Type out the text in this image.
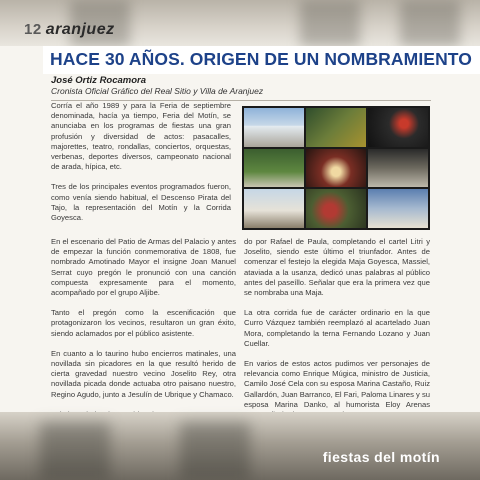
12 aranjuez
HACE 30 AÑOS. ORIGEN DE UN NOMBRAMIENTO
José Ortiz Rocamora
Cronista Oficial Gráfico del Real Sitio y Villa de Aranjuez

Corría el año 1989 y para la Feria de septiembre denominada, hacía ya tiempo, Feria del Motín, se anunciaba en los programas de fiestas una gran profusión y diversidad de actos: pasacalles, majorettes, teatro, rondallas, conciertos, orquestas, verbenas, deportes diversos, campeonato nacional de arada, hípica, etc.

Tres de los principales eventos programados fueron, como venía siendo habitual, el Descenso Pirata del Tajo, la representación del Motín y la Corrida Goyesca.

En el escenario del Patio de Armas del Palacio y antes de empezar la función conmemorativa de 1808, fue nombrado Amotinado Mayor el insigne Joan Manuel Serrat cuyo pregón le pronunció con una canción compuesta expresamente para el momento, acompañado por el grupo Aljibe.

Tanto el pregón como la escenificación que protagonizaron los vecinos, resultaron un gran éxito, siendo aclamados por el público asistente.

En cuanto a lo taurino hubo encierros matinales, una novillada sin picadores en la que resultó herido de cierta gravedad nuestro vecino Joselito Rey, otra novillada picada donde actuaba otro paisano nuestro, Regino Agudo, junto a Jesulín de Ubrique y Chamaco.

do por Rafael de Paula, completando el cartel Litri y Joselito, siendo este último el triunfador. Antes de comenzar el festejo la elegida Maja Goyesca, Massiel, ataviada a la usanza, dedicó unas palabras al público antes del paseíllo. Señalar que era la primera vez que se nombraba una Maja.

La otra corrida fue de carácter ordinario en la que Curro Vázquez también reemplazó al acartelado Juan Mora, completando la terna Fernando Lozano y Juan Cuellar.

En varios de estos actos pudimos ver personajes de relevancia como Enrique Múgica, ministro de Justicia, Camilo José Cela con su esposa Marina Castaño, Ruiz Gallardón, Juan Barranco, El Fari, Paloma Linares y su esposa Marina Danko, al humorista Eloy Arenas

fiestas del motín
